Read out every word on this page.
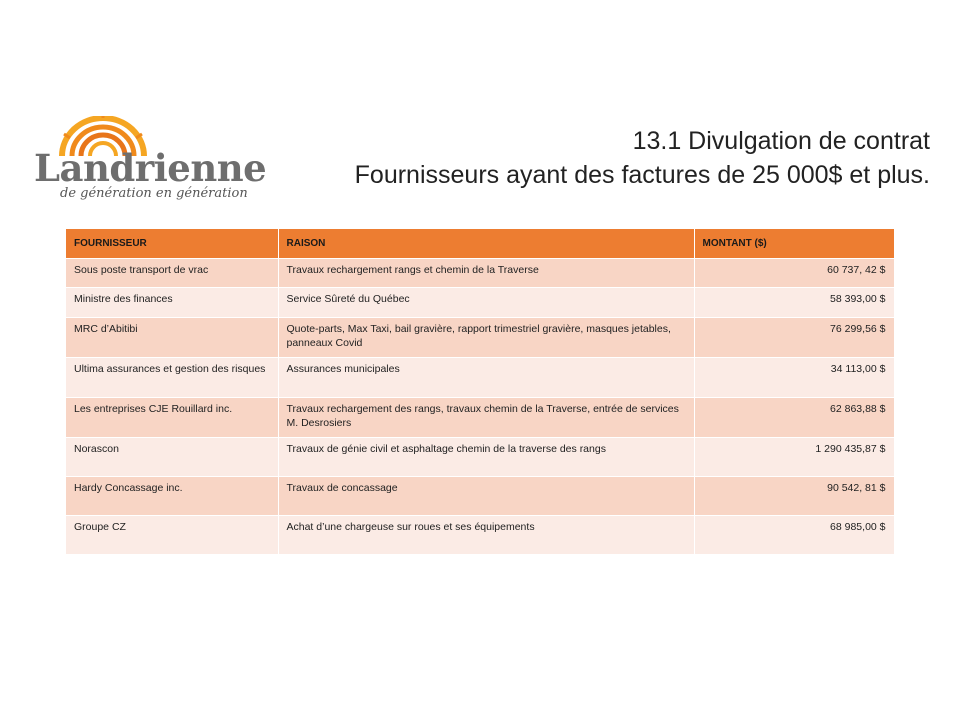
Landrienne
de génération en génération
13.1 Divulgation de contrat
Fournisseurs ayant des factures de 25 000$ et plus.
FOURNISSEUR	RAISON	MONTANT ($)
Sous poste transport de vrac	Travaux rechargement rangs et chemin de la Traverse	60 737, 42 $
Ministre des finances	Service Sûreté du Québec	58 393,00 $
MRC d’Abitibi	Quote-parts, Max Taxi, bail gravière, rapport trimestriel gravière, masques jetables, panneaux Covid	76 299,56 $
Ultima assurances et gestion des risques	Assurances municipales	34 113,00 $
Les entreprises CJE Rouillard inc.	Travaux rechargement des rangs, travaux chemin de la Traverse, entrée de services M. Desrosiers	62 863,88 $
Norascon	Travaux de génie civil et asphaltage chemin de la traverse des rangs	1 290 435,87 $
Hardy Concassage inc.	Travaux de concassage	90 542, 81 $
Groupe CZ	Achat d’une chargeuse sur roues et ses équipements	68 985,00 $
